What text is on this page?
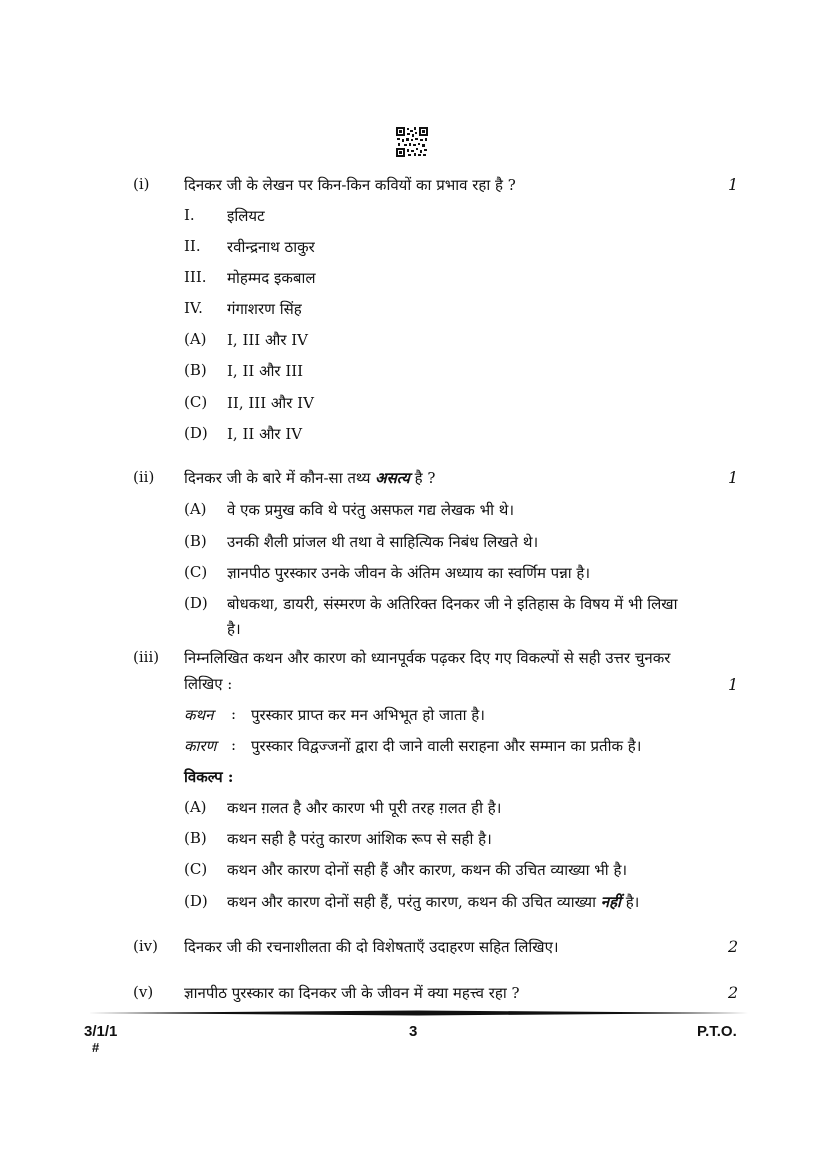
(i) दिनकर जी के लेखन पर किन-किन कवियों का प्रभाव रहा है ?	1
I. इलियट
II. रवीन्द्रनाथ ठाकुर
III. मोहम्मद इकबाल
IV. गंगाशरण सिंह
(A) I, III और IV
(B) I, II और III
(C) II, III और IV
(D) I, II और IV
(ii) दिनकर जी के बारे में कौन-सा तथ्य असत्य है ?	1
(A) वे एक प्रमुख कवि थे परंतु असफल गद्य लेखक भी थे।
(B) उनकी शैली प्रांजल थी तथा वे साहित्यिक निबंध लिखते थे।
(C) ज्ञानपीठ पुरस्कार उनके जीवन के अंतिम अध्याय का स्वर्णिम पन्ना है।
(D) बोधकथा, डायरी, संस्मरण के अतिरिक्त दिनकर जी ने इतिहास के विषय में भी लिखा
है।
(iii) निम्नलिखित कथन और कारण को ध्यानपूर्वक पढ़कर दिए गए विकल्पों से सही उत्तर चुनकर
लिखिए :	1
कथन : पुरस्कार प्राप्त कर मन अभिभूत हो जाता है।
कारण : पुरस्कार विद्वज्जनों द्वारा दी जाने वाली सराहना और सम्मान का प्रतीक है।
विकल्प :
(A) कथन ग़लत है और कारण भी पूरी तरह ग़लत ही है।
(B) कथन सही है परंतु कारण आंशिक रूप से सही है।
(C) कथन और कारण दोनों सही हैं और कारण, कथन की उचित व्याख्या भी है।
(D) कथन और कारण दोनों सही हैं, परंतु कारण, कथन की उचित व्याख्या नहीं है।
(iv) दिनकर जी की रचनाशीलता की दो विशेषताएँ उदाहरण सहित लिखिए।	2
(v) ज्ञानपीठ पुरस्कार का दिनकर जी के जीवन में क्या महत्त्व रहा ?	2
3/1/1
#
3	P.T.O.
